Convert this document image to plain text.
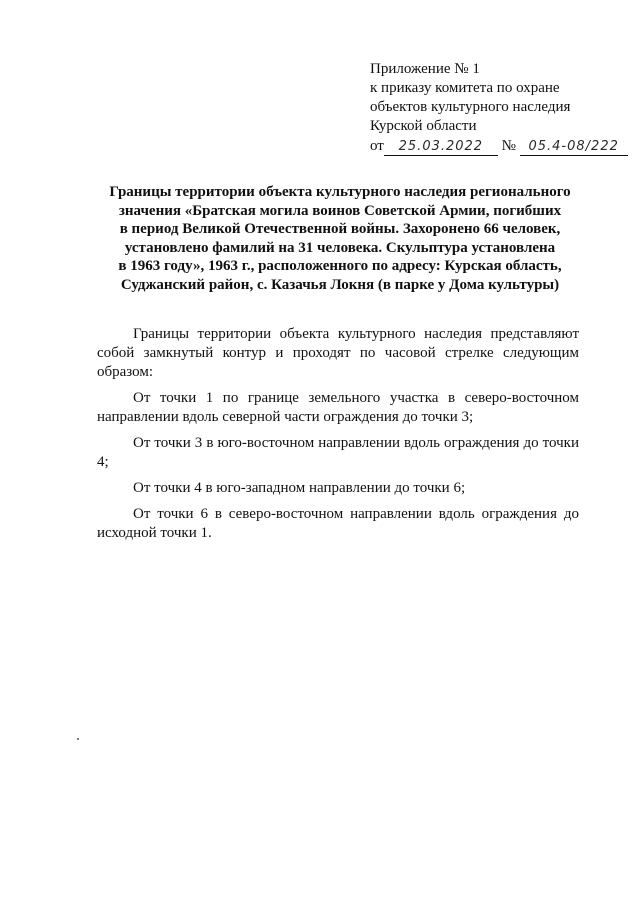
Приложение № 1
к приказу комитета по охране
объектов культурного наследия
Курской области
от 25.03.2022 № 05.4-08/222
Границы территории объекта культурного наследия регионального
значения «Братская могила воинов Советской Армии, погибших
в период Великой Отечественной войны. Захоронено 66 человек,
установлено фамилий на 31 человека. Скульптура установлена
в 1963 году», 1963 г., расположенного по адресу: Курская область,
Суджанский район, с. Казачья Локня (в парке у Дома культуры)

Границы территории объекта культурного наследия представляют собой замкнутый контур и проходят по часовой стрелке следующим образом:

От точки 1 по границе земельного участка в северо-восточном направлении вдоль северной части ограждения до точки 3;

От точки 3 в юго-восточном направлении вдоль ограждения до точки 4;

От точки 4 в юго-западном направлении до точки 6;

От точки 6 в северо-восточном направлении вдоль ограждения до исходной точки 1.
